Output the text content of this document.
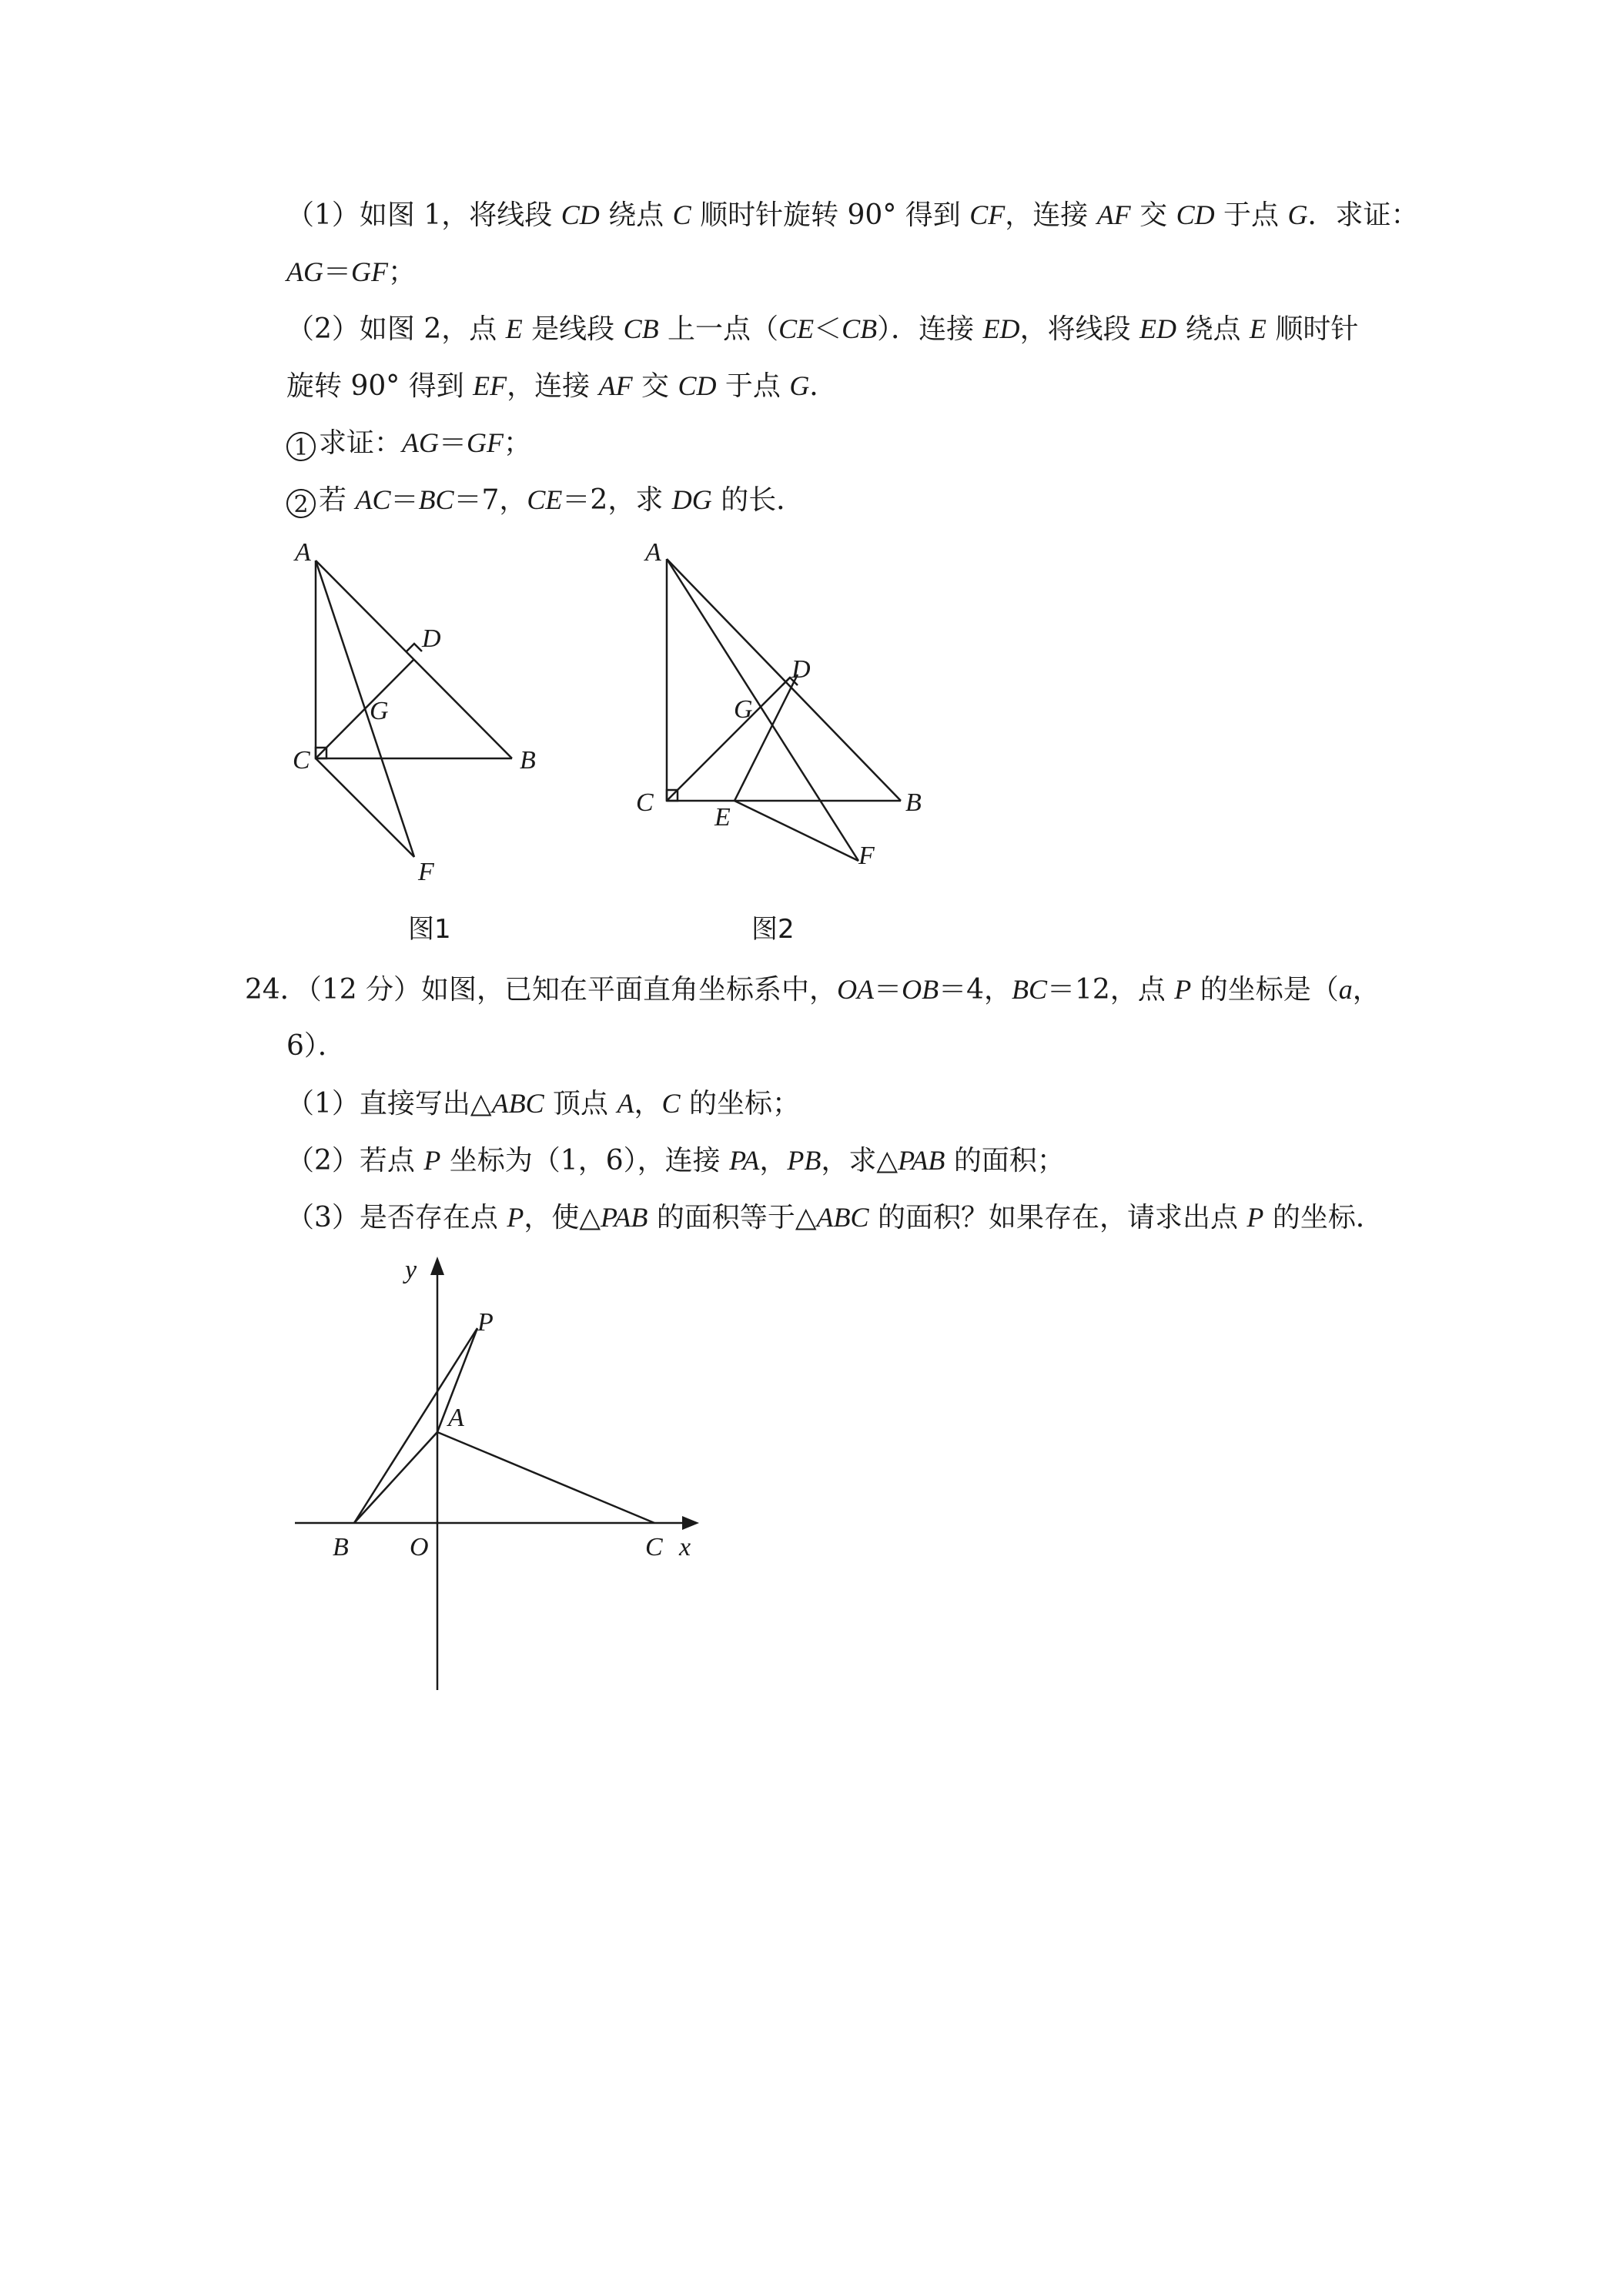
（1）如图 1，将线段 CD 绕点 C 顺时针旋转 90° 得到 CF，连接 AF 交 CD 于点 G．求证：
AG＝GF；
（2）如图 2，点 E 是线段 CB 上一点（CE＜CB）．连接 ED，将线段 ED 绕点 E 顺时针
旋转 90° 得到 EF，连接 AF 交 CD 于点 G．
1 求证：AG＝GF；
2 若 AC＝BC＝7，CE＝2，求 DG 的长．
A
D
G
C	B
F
图1
A
D
G
C
E
B
F
图2
24．（12 分）如图，已知在平面直角坐标系中，OA＝OB＝4，BC＝12，点 P 的坐标是（a，
6）．
（1）直接写出△ABC 顶点 A，C 的坐标；
（2）若点 P 坐标为（1，6），连接 PA，PB，求△PAB 的面积；
（3）是否存在点 P，使△PAB 的面积等于△ABC 的面积？如果存在，请求出点 P 的坐标．
y
P
A
B O	C x
